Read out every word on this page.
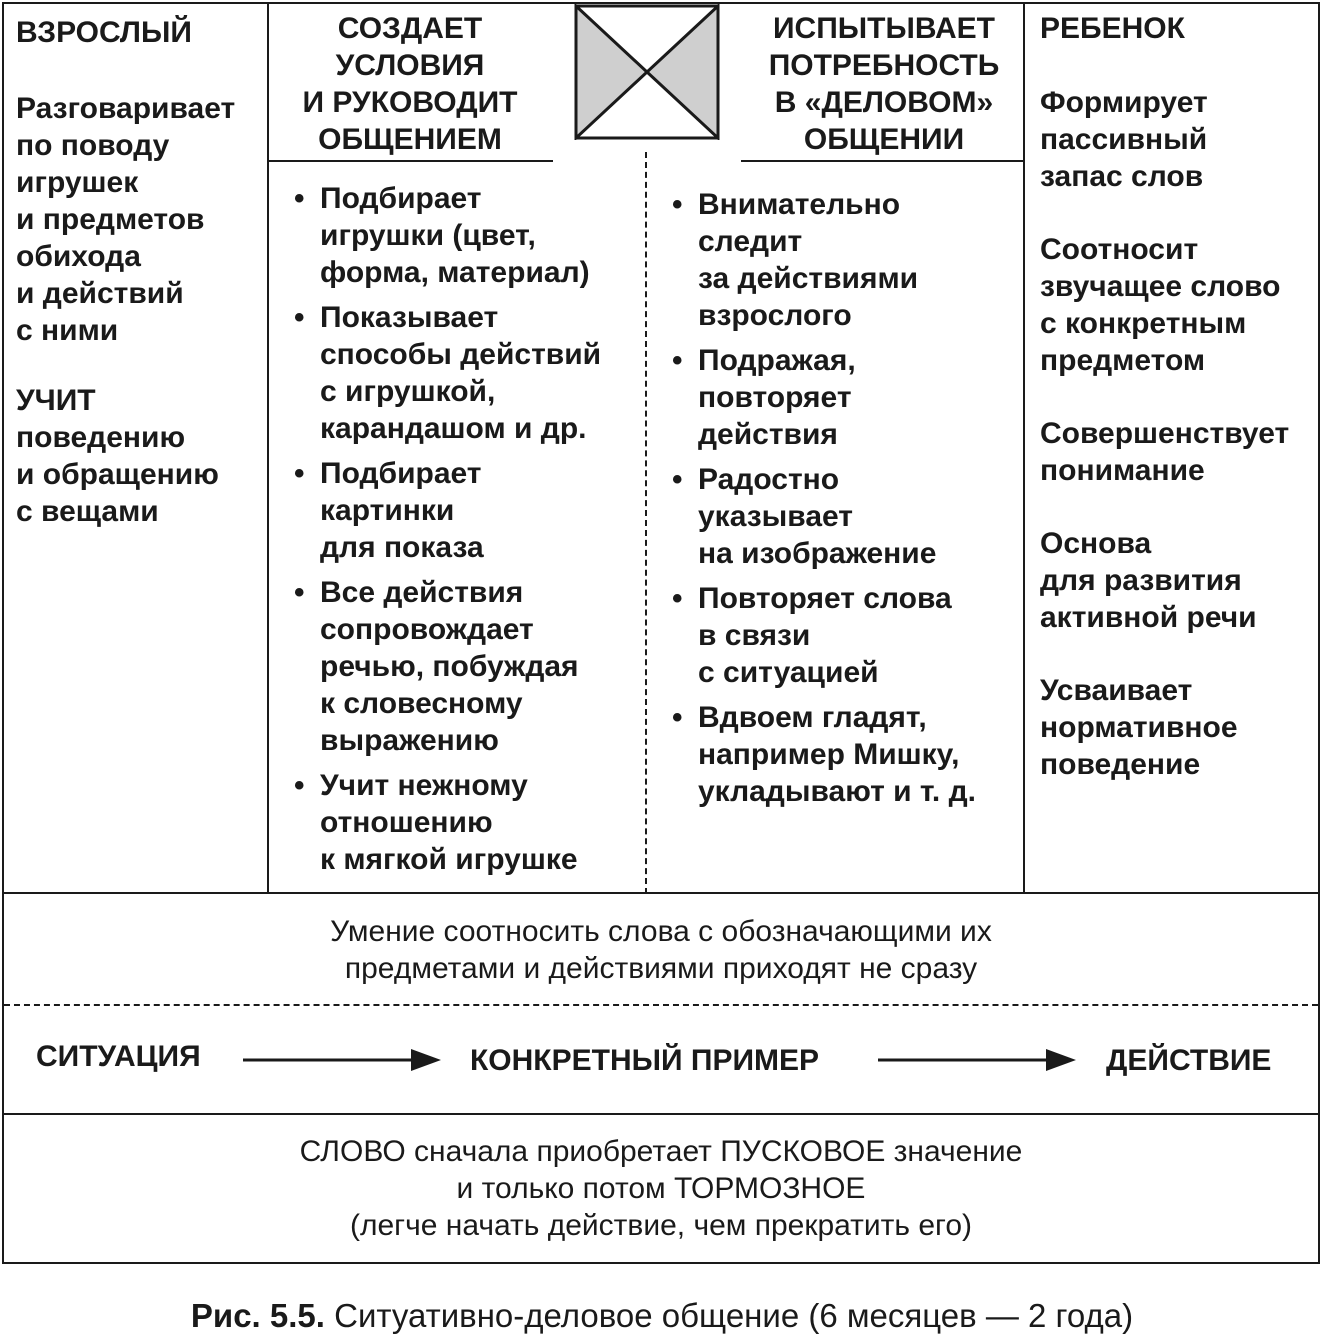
ВЗРОСЛЫЙ
Разговаривает
по поводу
игрушек
и предметов
обихода
и действий
с ними
УЧИТ
поведению
и обращению
с вещами
СОЗДАЕТ
УСЛОВИЯ
И РУКОВОДИТ
ОБЩЕНИЕМ
ИСПЫТЫВАЕТ
ПОТРЕБНОСТЬ
В «ДЕЛОВОМ»
ОБЩЕНИИ
• Подбирает
игрушки (цвет,
форма, материал)
• Показывает
способы действий
с игрушкой,
карандашом и др.
• Подбирает
картинки
для показа
• Все действия
сопровождает
речью, побуждая
к словесному
выражению
• Учит нежному
отношению
к мягкой игрушке
• Внимательно
следит
за действиями
взрослого
• Подражая,
повторяет
действия
• Радостно
указывает
на изображение
• Повторяет слова
в связи
с ситуацией
• Вдвоем гладят,
например Мишку,
укладывают и т. д.
РЕБЕНОК
Формирует
пассивный
запас слов
Соотносит
звучащее слово
с конкретным
предметом
Совершенствует
понимание
Основа
для развития
активной речи
Усваивает
нормативное
поведение
Умение соотносить слова с обозначающими их
предметами и действиями приходят не сразу
СИТУАЦИЯ	КОНКРЕТНЫЙ ПРИМЕР	ДЕЙСТВИЕ
СЛОВО сначала приобретает ПУСКОВОЕ значение
и только потом ТОРМОЗНОЕ
(легче начать действие, чем прекратить его)
Рис. 5.5. Ситуативно-деловое общение (6 месяцев — 2 года)
